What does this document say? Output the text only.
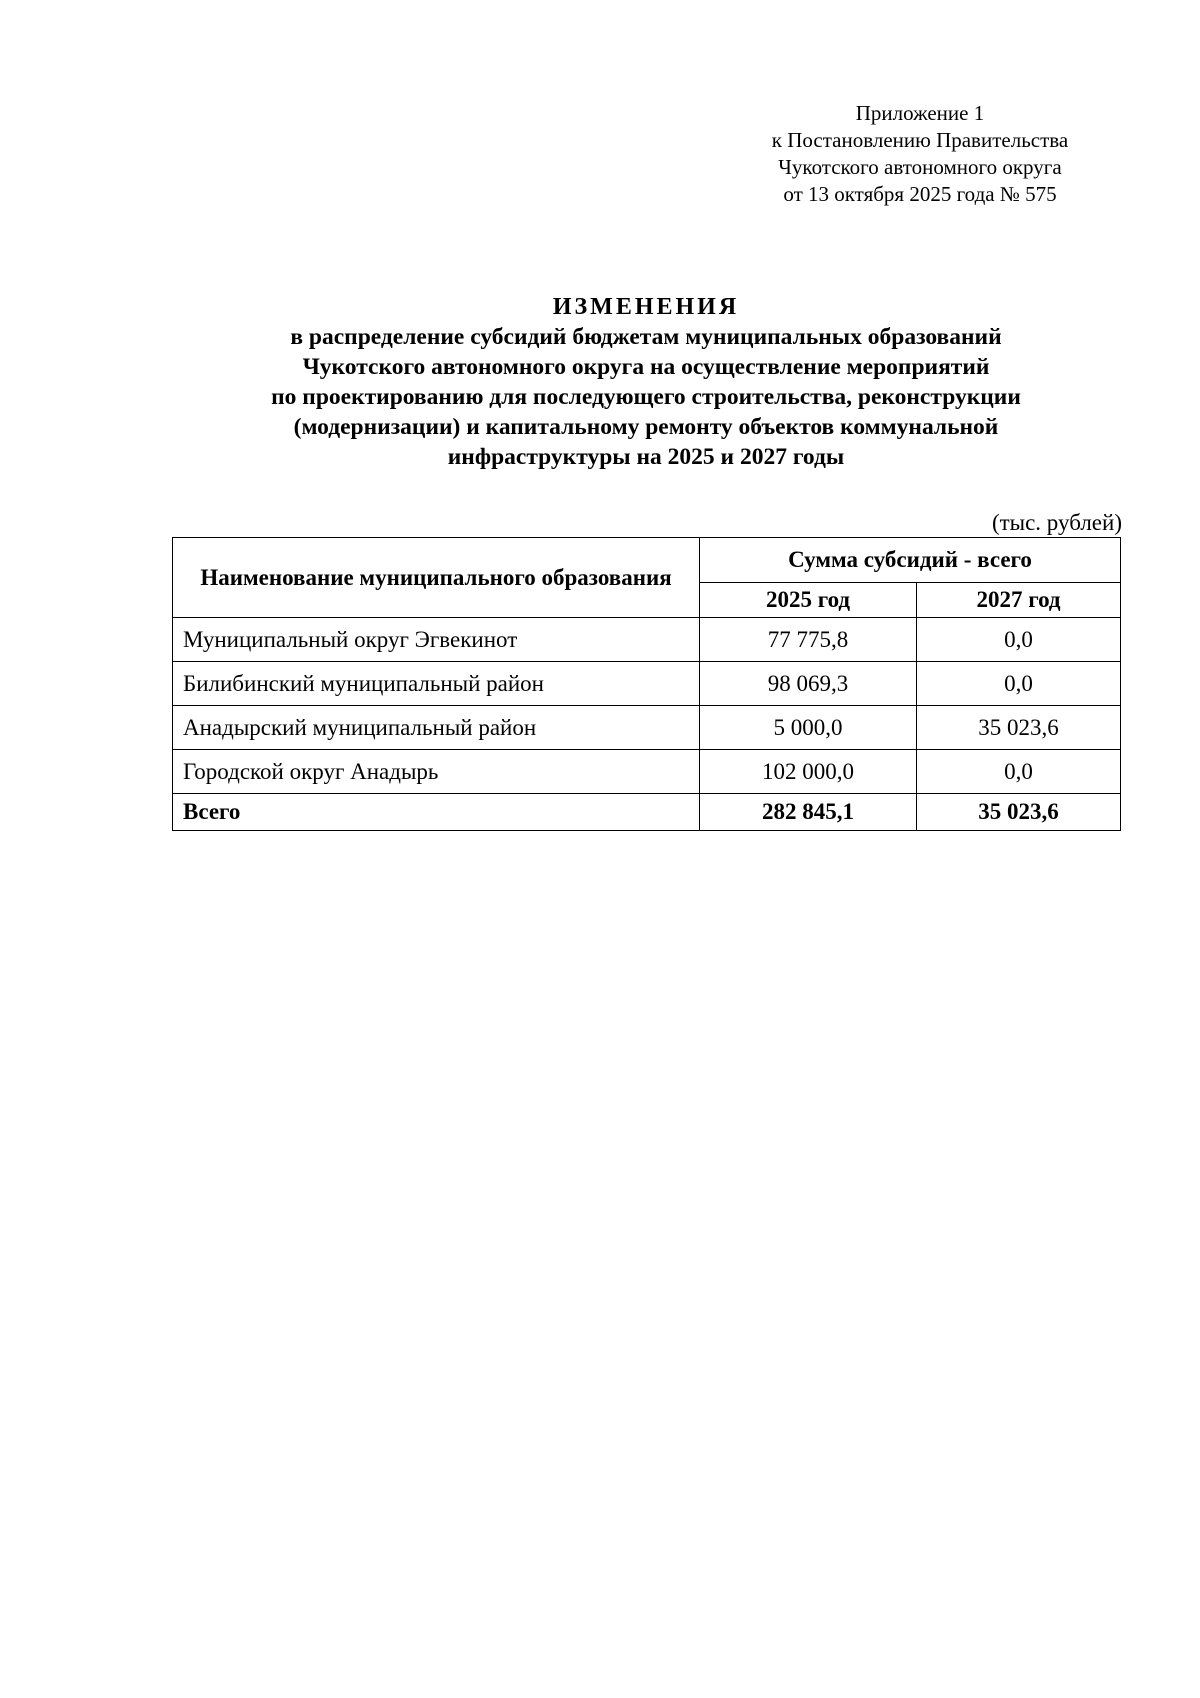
Приложение 1
к Постановлению Правительства
Чукотского автономного округа
от 13 октября 2025 года № 575
ИЗМЕНЕНИЯ
в распределение субсидий бюджетам муниципальных образований
Чукотского автономного округа на осуществление мероприятий
по проектированию для последующего строительства, реконструкции
(модернизации) и капитальному ремонту объектов коммунальной
инфраструктуры на 2025 и 2027 годы
(тыс. рублей)
Наименование муниципального образования	Сумма субсидий - всего	
	2025 год	2027 год
Муниципальный округ Эгвекинот	77 775,8	0,0
Билибинский муниципальный район	98 069,3	0,0
Анадырский муниципальный район	5 000,0	35 023,6
Городской округ Анадырь	102 000,0	0,0
Всего	282 845,1	35 023,6
